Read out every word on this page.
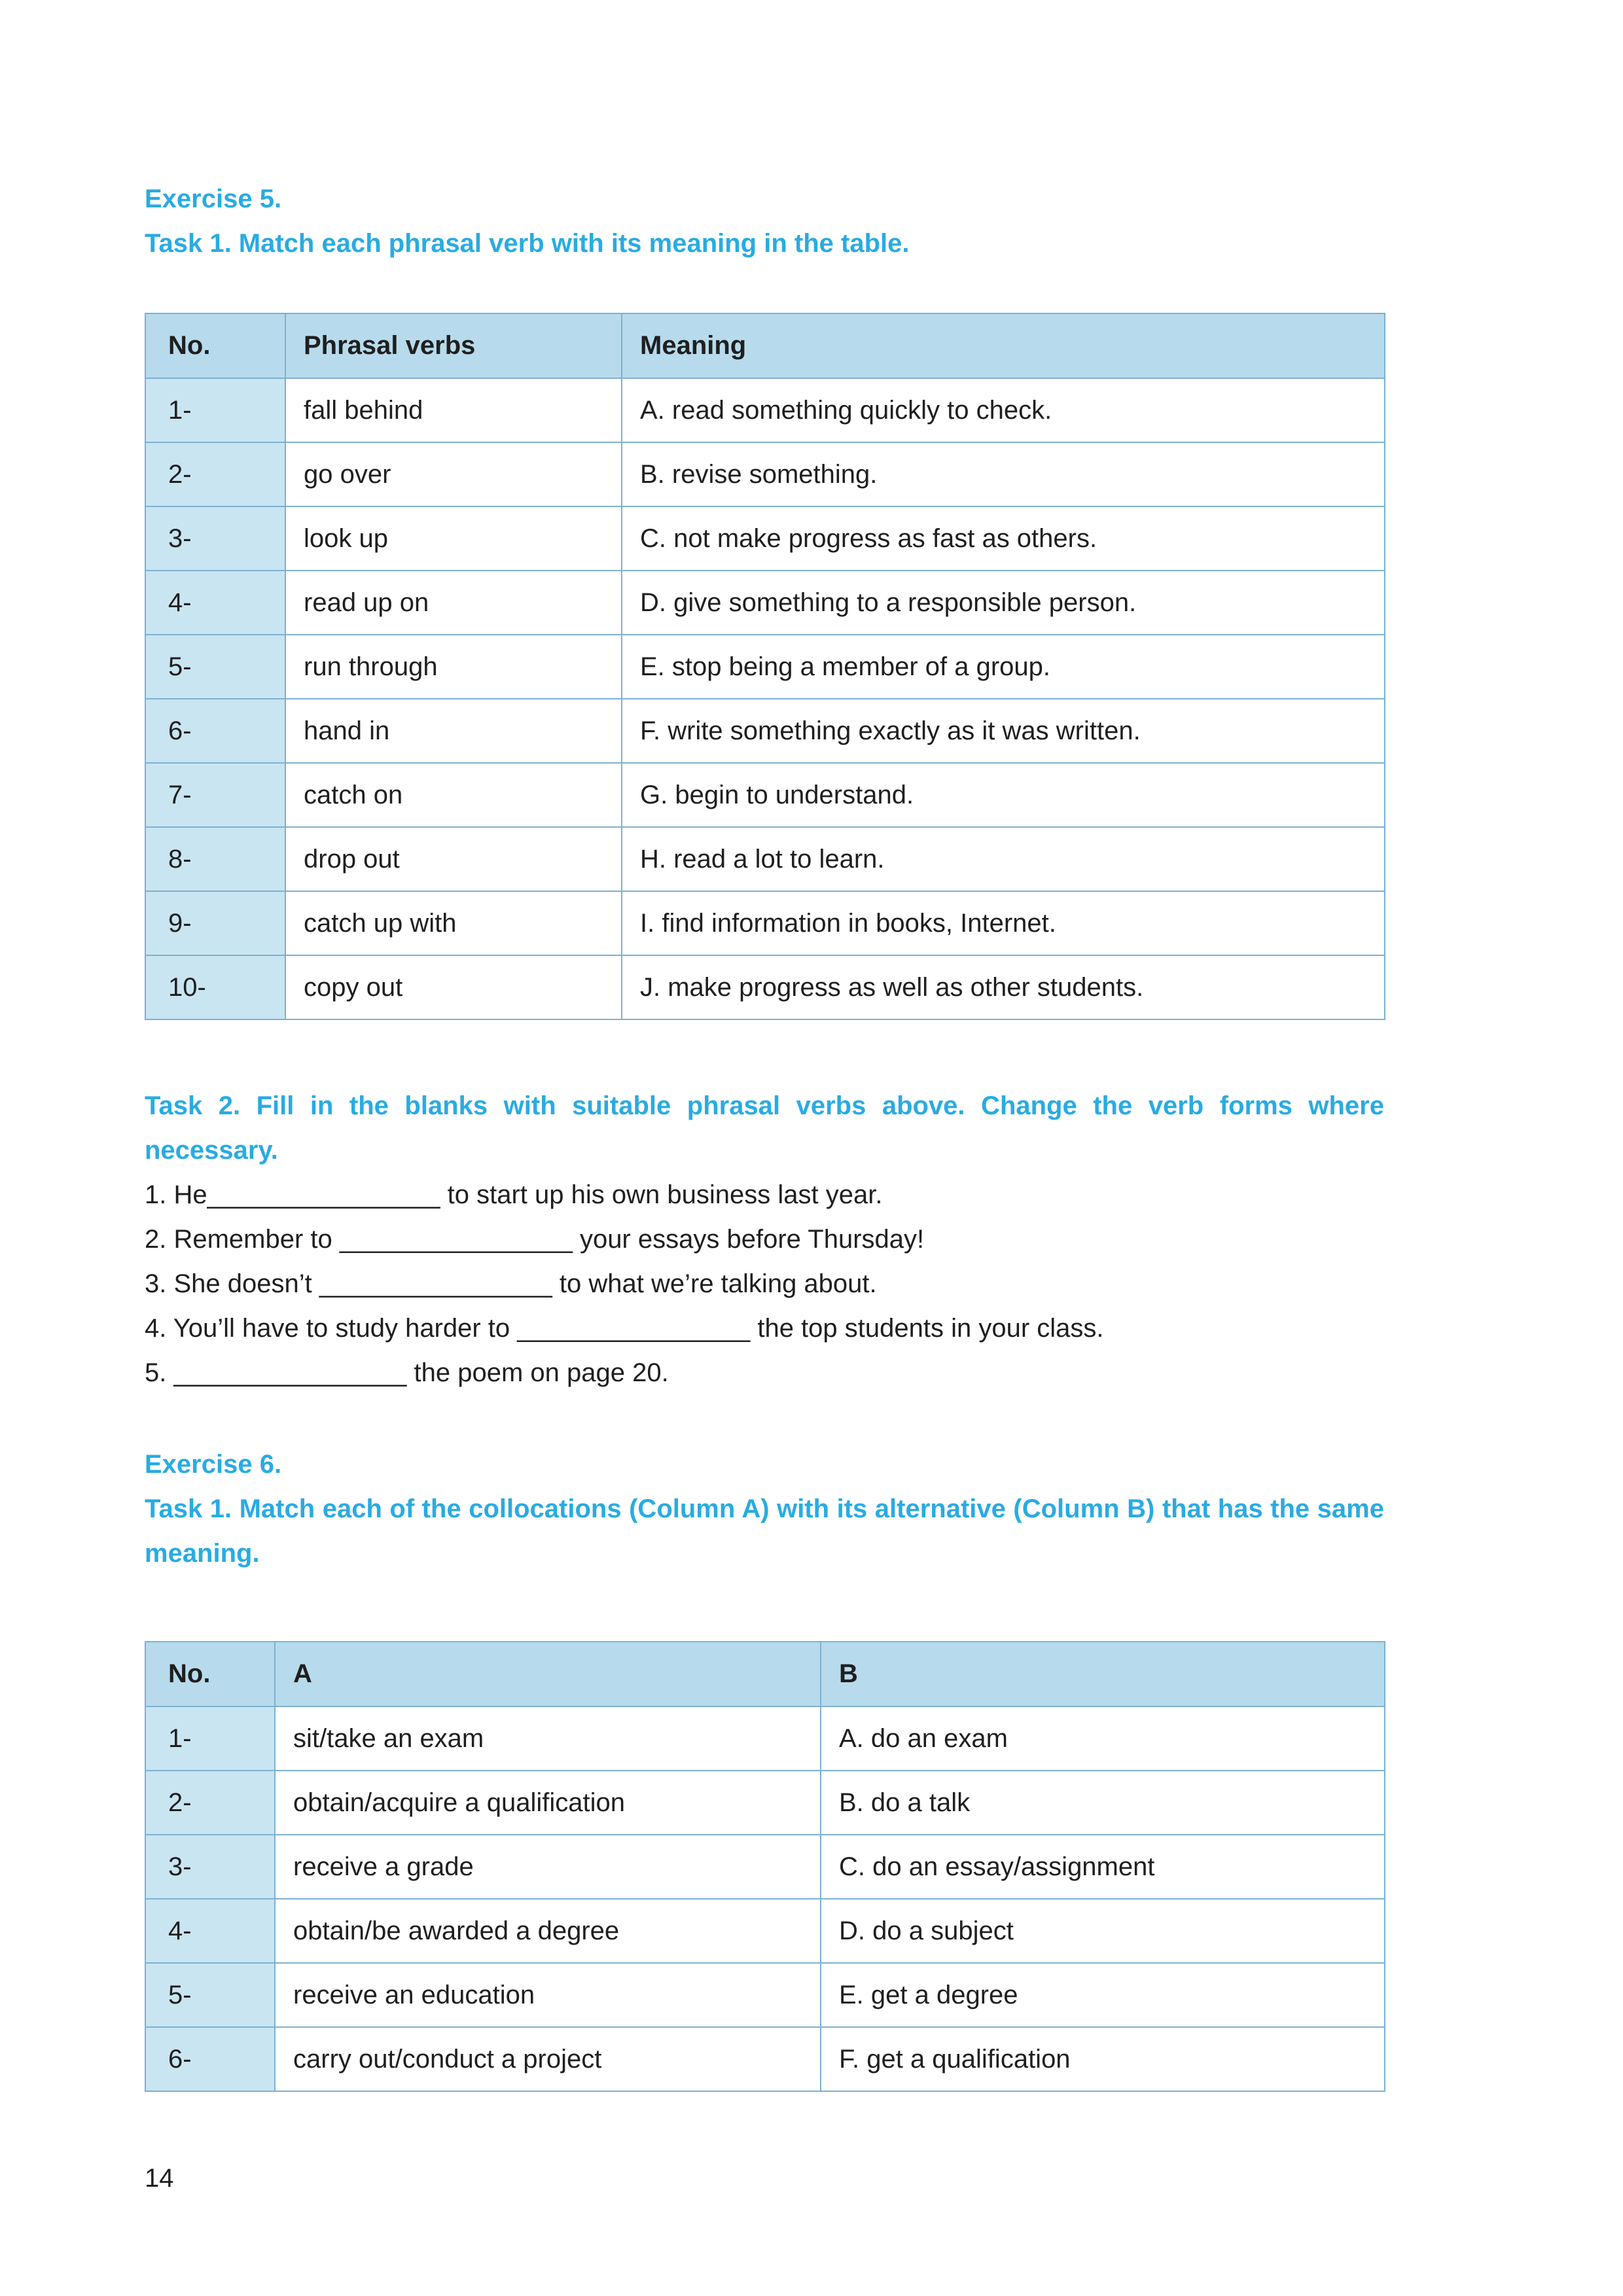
Exercise 5.
Task 1. Match each phrasal verb with its meaning in the table.
No.	Phrasal verbs	Meaning
1-	fall behind	A. read something quickly to check.
2-	go over	B. revise something.
3-	look up	C. not make progress as fast as others.
4-	read up on	D. give something to a responsible person.
5-	run through	E. stop being a member of a group.
6-	hand in	F. write something exactly as it was written.
7-	catch on	G. begin to understand.
8-	drop out	H. read a lot to learn.
9-	catch up with	I. find information in books, Internet.
10-	copy out	J. make progress as well as other students.
Task 2. Fill in the blanks with suitable phrasal verbs above. Change the verb forms where necessary.

1. He________________ to start up his own business last year.

2. Remember to ________________ your essays before Thursday!

3. She doesn’t ________________ to what we’re talking about.

4. You’ll have to study harder to ________________ the top students in your class.

5. ________________ the poem on page 20.

Exercise 6.
Task 1. Match each of the collocations (Column A) with its alternative (Column B) that has the same meaning.
No.	A	B
1-	sit/take an exam	A. do an exam
2-	obtain/acquire a qualification	B. do a talk
3-	receive a grade	C. do an essay/assignment
4-	obtain/be awarded a degree	D. do a subject
5-	receive an education	E. get a degree
6-	carry out/conduct a project	F. get a qualification
14
